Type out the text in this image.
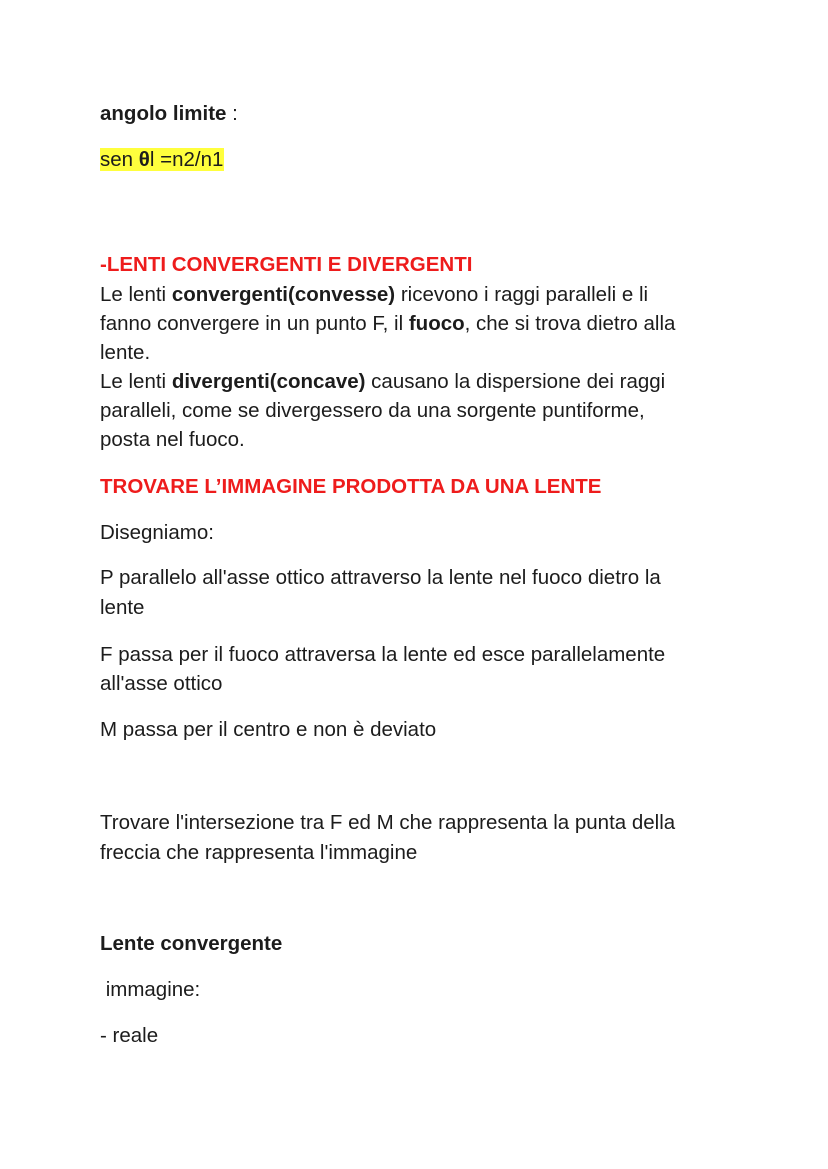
angolo limite :

sen θl =n2/n1

-LENTI CONVERGENTI E DIVERGENTI

Le lenti convergenti(convesse) ricevono i raggi paralleli e li

fanno convergere in un punto F, il fuoco, che si trova dietro alla

lente.

Le lenti divergenti(concave) causano la dispersione dei raggi

paralleli, come se divergessero da una sorgente puntiforme,

posta nel fuoco.

TROVARE L’IMMAGINE PRODOTTA DA UNA LENTE

Disegniamo:

P parallelo all'asse ottico attraverso la lente nel fuoco dietro la

lente

F passa per il fuoco attraversa la lente ed esce parallelamente

all'asse ottico

M passa per il centro e non è deviato

Trovare l'intersezione tra F ed M che rappresenta la punta della

freccia che rappresenta l'immagine

Lente convergente

immagine:

- reale
